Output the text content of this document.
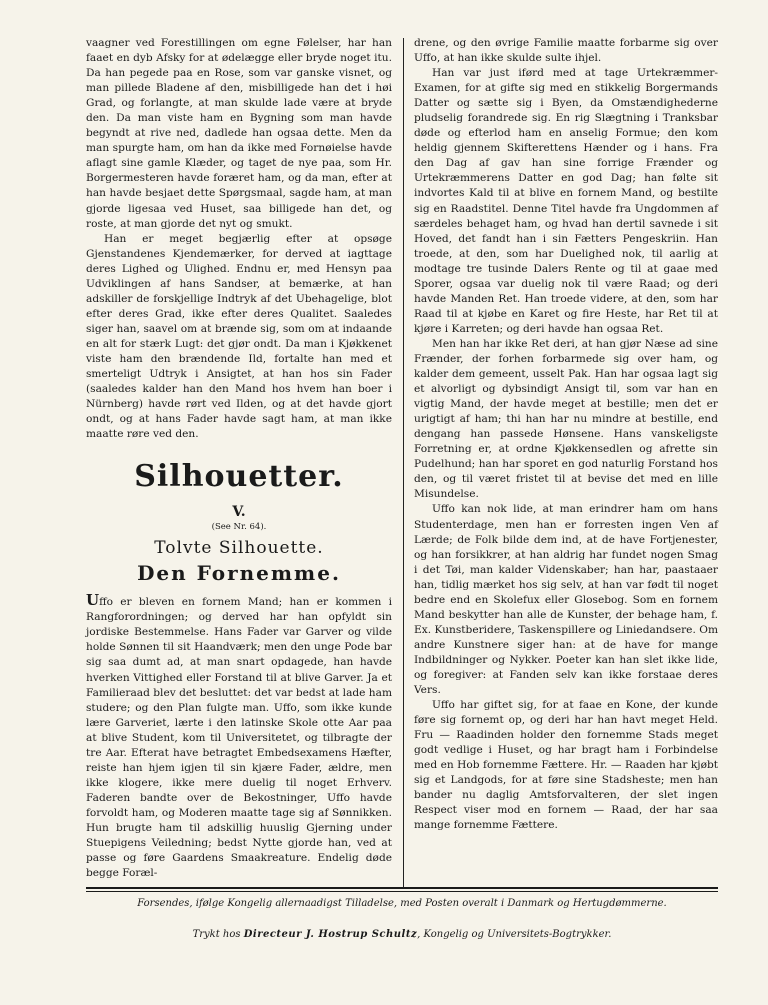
vaagner ved Forestillingen om egne Følelser, har han faaet en dyb Afsky for at ødelægge eller bryde noget itu. Da han pegede paa en Rose, som var ganske visnet, og man pillede Bladene af den, misbilligede han det i høi Grad, og forlangte, at man skulde lade være at bryde den. Da man viste ham en Bygning som man havde begyndt at rive ned, dadlede han ogsaa dette. Men da man spurgte ham, om han da ikke med Fornøielse havde aflagt sine gamle Klæder, og taget de nye paa, som Hr. Borgermesteren havde foræret ham, og da man, efter at han havde besjaet dette Spørgsmaal, sagde ham, at man gjorde ligesaa ved Huset, saa billigede han det, og roste, at man gjorde det nyt og smukt.

Han er meget begjærlig efter at opsøge Gjenstandenes Kjendemærker, for derved at iagttage deres Lighed og Ulighed. Endnu er, med Hensyn paa Udviklingen af hans Sandser, at bemærke, at han adskiller de forskjellige Indtryk af det Ubehagelige, blot efter deres Grad, ikke efter deres Qualitet. Saaledes siger han, saavel om at brænde sig, som om at indaande en alt for stærk Lugt: det gjør ondt. Da man i Kjøkkenet viste ham den brændende Ild, fortalte han med et smerteligt Udtryk i Ansigtet, at han hos sin Fader (saaledes kalder han den Mand hos hvem han boer i Nürnberg) havde rørt ved Ilden, og at det havde gjort ondt, og at hans Fader havde sagt ham, at man ikke maatte røre ved den.

Silhouetter.
V.
(See Nr. 64).
Tolvte Silhouette.
Den Fornemme.

Uffo er bleven en fornem Mand; han er kommen i Rangforordningen; og derved har han opfyldt sin jordiske Bestemmelse. Hans Fader var Garver og vilde holde Sønnen til sit Haandværk; men den unge Pode bar sig saa dumt ad, at man snart opdagede, han havde hverken Vittighed eller Forstand til at blive Garver. Ja et Familieraad blev det besluttet: det var bedst at lade ham studere; og den Plan fulgte man. Uffo, som ikke kunde lære Garveriet, lærte i den latinske Skole otte Aar paa at blive Student, kom til Universitetet, og tilbragte der tre Aar. Efterat have betragtet Embedsexamens Hæfter, reiste han hjem igjen til sin kjære Fader, ældre, men ikke klogere, ikke mere duelig til noget Erhverv. Faderen bandte over de Bekostninger, Uffo havde forvoldt ham, og Moderen maatte tage sig af Sønnikken. Hun brugte ham til adskillig huuslig Gjerning under Stuepigens Veiledning; bedst Nytte gjorde han, ved at passe og føre Gaardens Smaakreature. Endelig døde begge Foræl-

drene, og den øvrige Familie maatte forbarme sig over Uffo, at han ikke skulde sulte ihjel.

Han var just iførd med at tage Urtekræmmer-Examen, for at gifte sig med en stikkelig Borgermands Datter og sætte sig i Byen, da Omstændighederne pludselig forandrede sig. En rig Slægtning i Tranksbar døde og efterlod ham en anselig Formue; den kom heldig gjennem Skifterettens Hænder og i hans. Fra den Dag af gav han sine forrige Frænder og Urtekræmmerens Datter en god Dag; han følte sit indvortes Kald til at blive en fornem Mand, og bestilte sig en Raadstitel. Denne Titel havde fra Ungdommen af særdeles behaget ham, og hvad han dertil savnede i sit Hoved, det fandt han i sin Fætters Pengeskriin. Han troede, at den, som har Duelighed nok, til aarlig at modtage tre tusinde Dalers Rente og til at gaae med Sporer, ogsaa var duelig nok til være Raad; og deri havde Manden Ret. Han troede videre, at den, som har Raad til at kjøbe en Karet og fire Heste, har Ret til at kjøre i Karreten; og deri havde han ogsaa Ret.

Men han har ikke Ret deri, at han gjør Næse ad sine Frænder, der forhen forbarmede sig over ham, og kalder dem gemeent, usselt Pak. Han har ogsaa lagt sig et alvorligt og dybsindigt Ansigt til, som var han en vigtig Mand, der havde meget at bestille; men det er urigtigt af ham; thi han har nu mindre at bestille, end dengang han passede Hønsene. Hans vanskeligste Forretning er, at ordne Kjøkkensedlen og afrette sin Pudelhund; han har sporet en god naturlig Forstand hos den, og til været fristet til at bevise det med en lille Misundelse.

Uffo kan nok lide, at man erindrer ham om hans Studenterdage, men han er forresten ingen Ven af Lærde; de Folk bilde dem ind, at de have Fortjenester, og han forsikkrer, at han aldrig har fundet nogen Smag i det Tøi, man kalder Videnskaber; han har, paastaaer han, tidlig mærket hos sig selv, at han var født til noget bedre end en Skolefux eller Glosebog. Som en fornem Mand beskytter han alle de Kunster, der behage ham, f. Ex. Kunstberidere, Taskenspillere og Liniedandsere. Om andre Kunstnere siger han: at de have for mange Indbildninger og Nykker. Poeter kan han slet ikke lide, og foregiver: at Fanden selv kan ikke forstaae deres Vers.

Uffo har giftet sig, for at faae en Kone, der kunde føre sig fornemt op, og deri har han havt meget Held. Fru — Raadinden holder den fornemme Stads meget godt vedlige i Huset, og har bragt ham i Forbindelse med en Hob fornemme Fættere. Hr. — Raaden har kjøbt sig et Landgods, for at føre sine Stadsheste; men han bander nu daglig Amtsforvalteren, der slet ingen Respect viser mod en fornem — Raad, der har saa mange fornemme Fættere.

Forsendes, ifølge Kongelig allernaadigst Tilladelse, med Posten overalt i Danmark og Hertugdømmerne.
Trykt hos Directeur J. Hostrup Schultz, Kongelig og Universitets-Bogtrykker.
